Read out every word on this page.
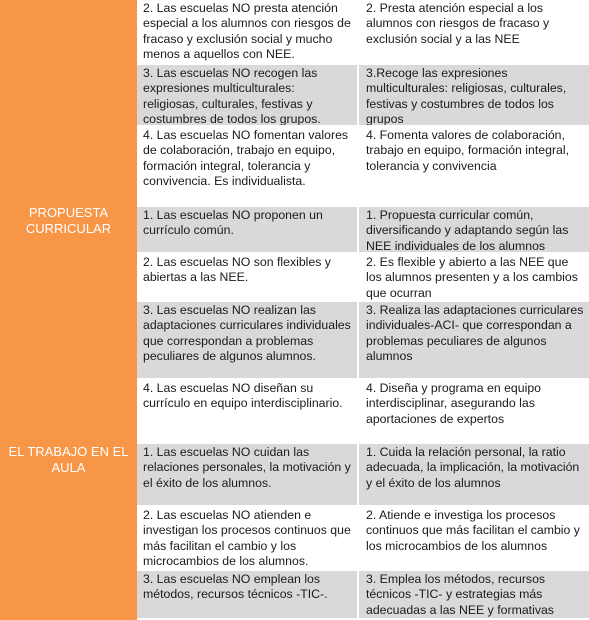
PROPUESTA CURRICULAR
EL TRABAJO EN EL AULA
2. Las escuelas NO presta atención especial a los alumnos con riesgos de fracaso y exclusión social y mucho menos a aquellos con NEE.
2. Presta atención especial a los alumnos con riesgos de fracaso y exclusión social y a las NEE
3. Las escuelas NO recogen las expresiones multiculturales: religiosas, culturales, festivas y costumbres de todos los grupos.
3.Recoge las expresiones multiculturales: religiosas, culturales, festivas y costumbres de todos los grupos
4. Las escuelas NO fomentan valores de colaboración, trabajo en equipo, formación integral, tolerancia y convivencia. Es individualista.
4. Fomenta valores de colaboración, trabajo en equipo, formación integral, tolerancia y convivencia
1. Las escuelas NO proponen un currículo común.
1. Propuesta curricular común, diversificando y adaptando según las NEE individuales de los alumnos
2. Las escuelas NO son flexibles y abiertas a las NEE.
2. Es flexible y abierto a las NEE que los alumnos presenten y a los cambios que ocurran
3. Las escuelas NO realizan las adaptaciones curriculares individuales que correspondan a problemas peculiares de algunos alumnos.
3. Realiza las adaptaciones curriculares individuales-ACI- que correspondan a problemas peculiares de algunos alumnos
4. Las escuelas NO diseñan su currículo en equipo interdisciplinario.
4. Diseña y programa en equipo interdisciplinar, asegurando las aportaciones de expertos
1. Las escuelas NO cuidan las relaciones personales, la motivación y el éxito de los alumnos.
1. Cuida la relación personal, la ratio adecuada, la implicación, la motivación y el éxito de los alumnos
2. Las escuelas NO atienden e investigan los procesos continuos que más facilitan el cambio y los microcambios de los alumnos.
2. Atiende e investiga los procesos continuos que más facilitan el cambio y los microcambios de los alumnos
3. Las escuelas NO emplean los métodos, recursos técnicos -TIC-.
3. Emplea los métodos, recursos técnicos -TIC- y estrategias más adecuadas a las NEE y formativas
